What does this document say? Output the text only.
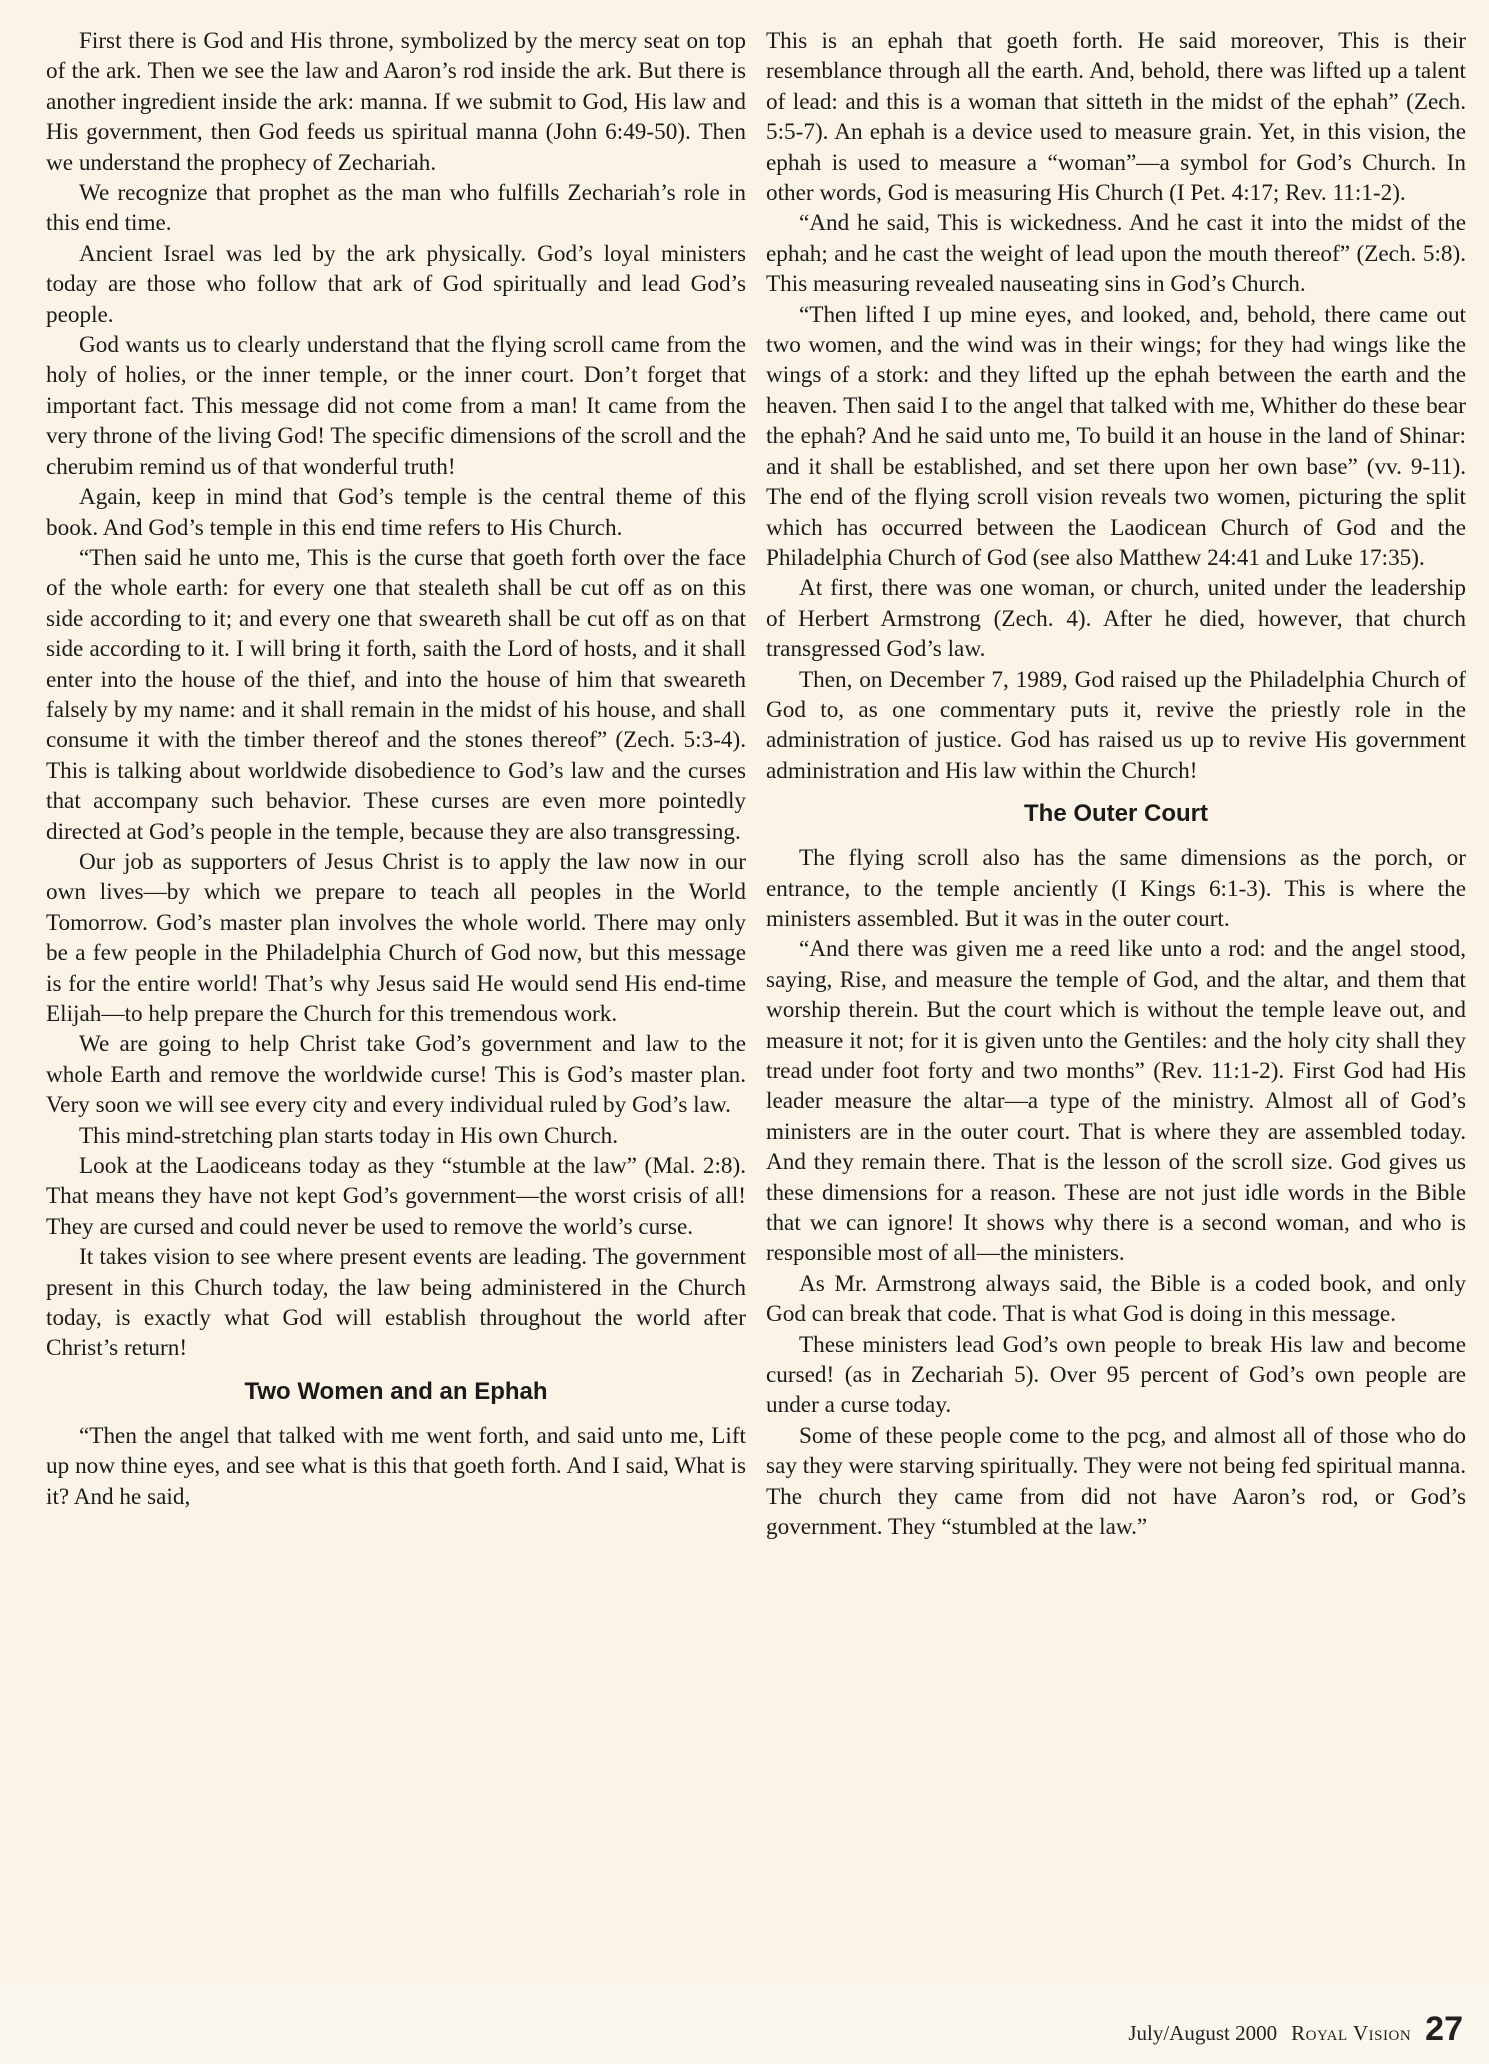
First there is God and His throne, symbolized by the mercy seat on top of the ark. Then we see the law and Aaron’s rod inside the ark. But there is another ingredient inside the ark: manna. If we submit to God, His law and His government, then God feeds us spiritual manna (John 6:49-50). Then we understand the prophecy of Zechariah.

We recognize that prophet as the man who fulfills Zechariah’s role in this end time.

Ancient Israel was led by the ark physically. God’s loyal ministers today are those who follow that ark of God spiritually and lead God’s people.

God wants us to clearly understand that the flying scroll came from the holy of holies, or the inner temple, or the inner court. Don’t forget that important fact. This message did not come from a man! It came from the very throne of the living God! The specific dimensions of the scroll and the cherubim remind us of that wonderful truth!

Again, keep in mind that God’s temple is the central theme of this book. And God’s temple in this end time refers to His Church.

“Then said he unto me, This is the curse that goeth forth over the face of the whole earth: for every one that stealeth shall be cut off as on this side according to it; and every one that sweareth shall be cut off as on that side according to it. I will bring it forth, saith the Lord of hosts, and it shall enter into the house of the thief, and into the house of him that sweareth falsely by my name: and it shall remain in the midst of his house, and shall consume it with the timber thereof and the stones thereof” (Zech. 5:3-4). This is talking about worldwide disobedience to God’s law and the curses that accompany such behavior. These curses are even more pointedly directed at God’s people in the temple, because they are also transgressing.

Our job as supporters of Jesus Christ is to apply the law now in our own lives—by which we prepare to teach all peoples in the World Tomorrow. God’s master plan involves the whole world. There may only be a few people in the Philadelphia Church of God now, but this message is for the entire world! That’s why Jesus said He would send His end-time Elijah—to help prepare the Church for this tremendous work.

We are going to help Christ take God’s government and law to the whole Earth and remove the worldwide curse! This is God’s master plan. Very soon we will see every city and every individual ruled by God’s law.

This mind-stretching plan starts today in His own Church.

Look at the Laodiceans today as they “stumble at the law” (Mal. 2:8). That means they have not kept God’s government—the worst crisis of all! They are cursed and could never be used to remove the world’s curse.

It takes vision to see where present events are leading. The government present in this Church today, the law being administered in the Church today, is exactly what God will establish throughout the world after Christ’s return!

Two Women and an Ephah

“Then the angel that talked with me went forth, and said unto me, Lift up now thine eyes, and see what is this that goeth forth. And I said, What is it? And he said,

This is an ephah that goeth forth. He said moreover, This is their resemblance through all the earth. And, behold, there was lifted up a talent of lead: and this is a woman that sitteth in the midst of the ephah” (Zech. 5:5-7). An ephah is a device used to measure grain. Yet, in this vision, the ephah is used to measure a “woman”—a symbol for God’s Church. In other words, God is measuring His Church (I Pet. 4:17; Rev. 11:1-2).

“And he said, This is wickedness. And he cast it into the midst of the ephah; and he cast the weight of lead upon the mouth thereof” (Zech. 5:8). This measuring revealed nauseating sins in God’s Church.

“Then lifted I up mine eyes, and looked, and, behold, there came out two women, and the wind was in their wings; for they had wings like the wings of a stork: and they lifted up the ephah between the earth and the heaven. Then said I to the angel that talked with me, Whither do these bear the ephah? And he said unto me, To build it an house in the land of Shinar: and it shall be established, and set there upon her own base” (vv. 9-11). The end of the flying scroll vision reveals two women, picturing the split which has occurred between the Laodicean Church of God and the Philadelphia Church of God (see also Matthew 24:41 and Luke 17:35).

At first, there was one woman, or church, united under the leadership of Herbert Armstrong (Zech. 4). After he died, however, that church transgressed God’s law.

Then, on December 7, 1989, God raised up the Philadelphia Church of God to, as one commentary puts it, revive the priestly role in the administration of justice. God has raised us up to revive His government administration and His law within the Church!

The Outer Court

The flying scroll also has the same dimensions as the porch, or entrance, to the temple anciently (I Kings 6:1-3). This is where the ministers assembled. But it was in the outer court.

“And there was given me a reed like unto a rod: and the angel stood, saying, Rise, and measure the temple of God, and the altar, and them that worship therein. But the court which is without the temple leave out, and measure it not; for it is given unto the Gentiles: and the holy city shall they tread under foot forty and two months” (Rev. 11:1-2). First God had His leader measure the altar—a type of the ministry. Almost all of God’s ministers are in the outer court. That is where they are assembled today. And they remain there. That is the lesson of the scroll size. God gives us these dimensions for a reason. These are not just idle words in the Bible that we can ignore! It shows why there is a second woman, and who is responsible most of all—the ministers.

As Mr. Armstrong always said, the Bible is a coded book, and only God can break that code. That is what God is doing in this message.

These ministers lead God’s own people to break His law and become cursed! (as in Zechariah 5). Over 95 percent of God’s own people are under a curse today.

Some of these people come to the pcg, and almost all of those who do say they were starving spiritually. They were not being fed spiritual manna. The church they came from did not have Aaron’s rod, or God’s government. They “stumbled at the law.”

July/August 2000 Royal Vision 27
